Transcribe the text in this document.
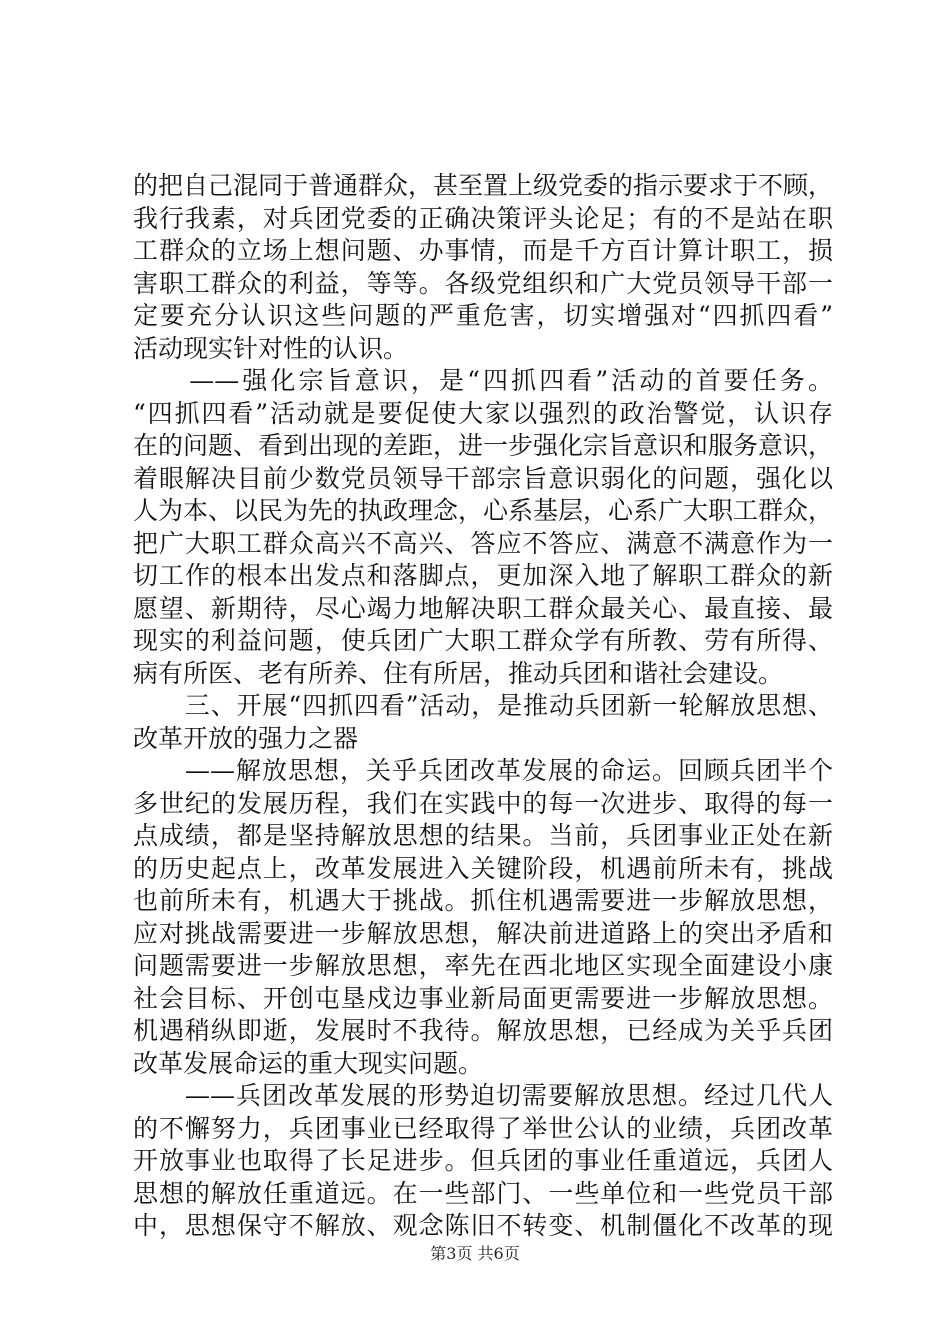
的把自己混同于普通群众，甚至置上级党委的指示要求于不顾，
我行我素，对兵团党委的正确决策评头论足；有的不是站在职
工群众的立场上想问题、办事情，而是千方百计算计职工，损
害职工群众的利益，等等。各级党组织和广大党员领导干部一
定要充分认识这些问题的严重危害，切实增强对“四抓四看”
活动现实针对性的认识。
　　——强化宗旨意识，是“四抓四看”活动的首要任务。
“四抓四看”活动就是要促使大家以强烈的政治警觉，认识存
在的问题、看到出现的差距，进一步强化宗旨意识和服务意识，
着眼解决目前少数党员领导干部宗旨意识弱化的问题，强化以
人为本、以民为先的执政理念，心系基层，心系广大职工群众，
把广大职工群众高兴不高兴、答应不答应、满意不满意作为一
切工作的根本出发点和落脚点，更加深入地了解职工群众的新
愿望、新期待，尽心竭力地解决职工群众最关心、最直接、最
现实的利益问题，使兵团广大职工群众学有所教、劳有所得、
病有所医、老有所养、住有所居，推动兵团和谐社会建设。
　　三、开展“四抓四看”活动，是推动兵团新一轮解放思想、
改革开放的强力之器
　　——解放思想，关乎兵团改革发展的命运。回顾兵团半个
多世纪的发展历程，我们在实践中的每一次进步、取得的每一
点成绩，都是坚持解放思想的结果。当前，兵团事业正处在新
的历史起点上，改革发展进入关键阶段，机遇前所未有，挑战
也前所未有，机遇大于挑战。抓住机遇需要进一步解放思想，
应对挑战需要进一步解放思想，解决前进道路上的突出矛盾和
问题需要进一步解放思想，率先在西北地区实现全面建设小康
社会目标、开创屯垦戍边事业新局面更需要进一步解放思想。
机遇稍纵即逝，发展时不我待。解放思想，已经成为关乎兵团
改革发展命运的重大现实问题。
　　——兵团改革发展的形势迫切需要解放思想。经过几代人
的不懈努力，兵团事业已经取得了举世公认的业绩，兵团改革
开放事业也取得了长足进步。但兵团的事业任重道远，兵团人
思想的解放任重道远。在一些部门、一些单位和一些党员干部
中，思想保守不解放、观念陈旧不转变、机制僵化不改革的现
第3页 共6页
